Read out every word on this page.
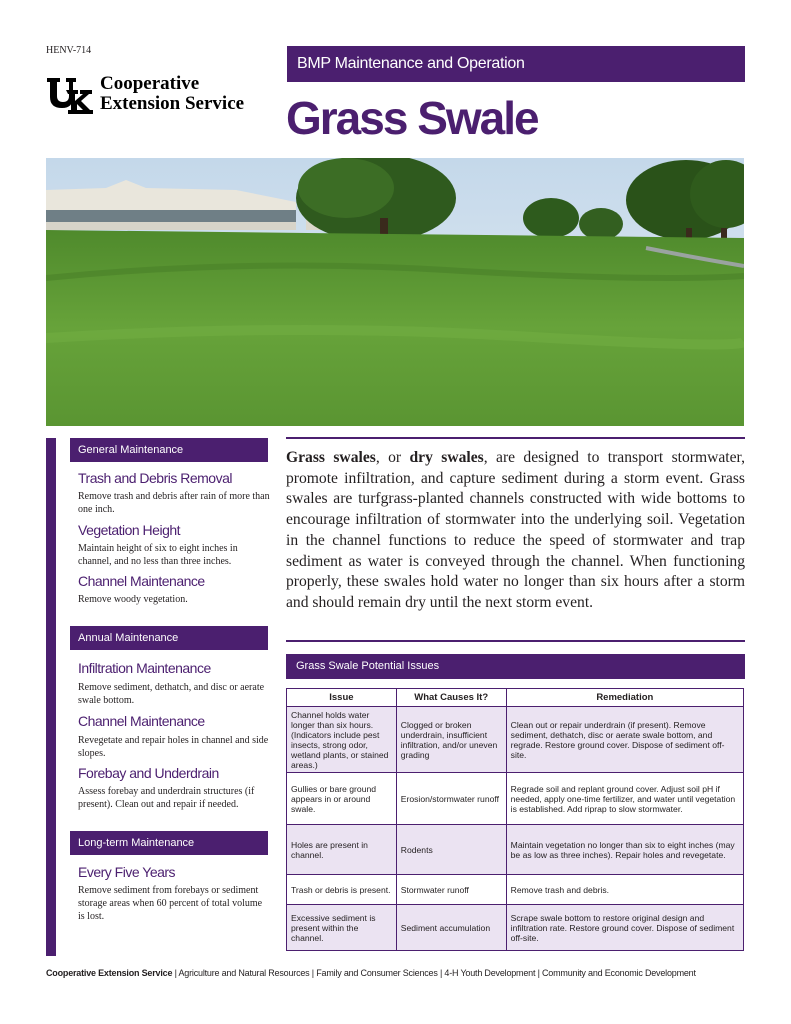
HENV-714
Cooperative
Extension Service
BMP Maintenance and Operation
Grass Swale
General Maintenance
Trash and Debris Removal
Remove trash and debris after rain of more than one inch.
Vegetation Height
Maintain height of six to eight inches in channel, and no less than three inches.
Channel Maintenance
Remove woody vegetation.
Annual Maintenance
Infiltration Maintenance
Remove sediment, dethatch, and disc or aerate swale bottom.
Channel Maintenance
Revegetate and repair holes in channel and side slopes.
Forebay and Underdrain
Assess forebay and underdrain structures (if present). Clean out and repair if needed.
Long-term Maintenance
Every Five Years
Remove sediment from forebays or sediment storage areas when 60 percent of total volume is lost.
Grass swales, or dry swales, are designed to transport stormwater, promote infiltration, and capture sediment during a storm event. Grass swales are turfgrass-planted channels constructed with wide bottoms to encourage infiltration of stormwater into the underlying soil. Vegetation in the channel functions to reduce the speed of stormwater and trap sediment as water is conveyed through the channel. When functioning properly, these swales hold water no longer than six hours after a storm and should remain dry until the next storm event.
Grass Swale Potential Issues
Issue	What Causes It?	Remediation
Channel holds water longer than six hours. (Indicators include pest insects, strong odor, wetland plants, or stained areas.)	Clogged or broken underdrain, insufficient infiltration, and/or uneven grading	Clean out or repair underdrain (if present). Remove sediment, dethatch, disc or aerate swale bottom, and regrade. Restore ground cover. Dispose of sediment off-site.
Gullies or bare ground appears in or around swale.	Erosion/stormwater runoff	Regrade soil and replant ground cover. Adjust soil pH if needed, apply one-time fertilizer, and water until vegetation is established. Add riprap to slow stormwater.
Holes are present in channel.	Rodents	Maintain vegetation no longer than six to eight inches (may be as low as three inches). Repair holes and revegetate.
Trash or debris is present.	Stormwater runoff	Remove trash and debris.
Excessive sediment is present within the channel.	Sediment accumulation	Scrape swale bottom to restore original design and infiltration rate. Restore ground cover. Dispose of sediment off-site.
Cooperative Extension Service | Agriculture and Natural Resources | Family and Consumer Sciences | 4-H Youth Development | Community and Economic Development
